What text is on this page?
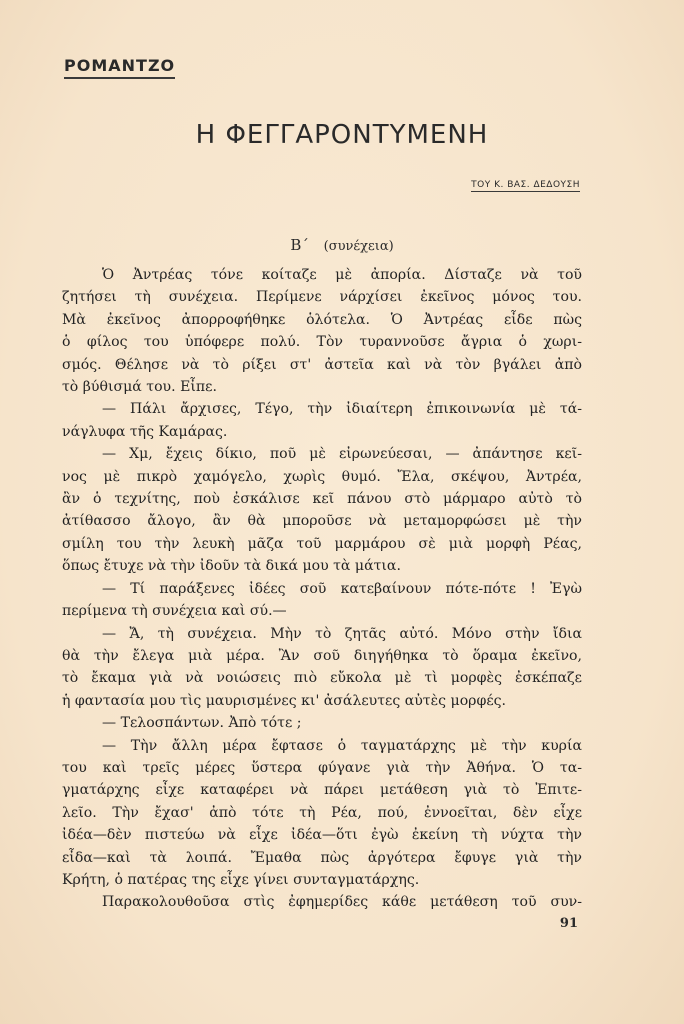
ΡΟΜΑΝΤΖΟ
Η ΦΕΓΓΑΡΟΝΤΥΜΕΝΗ
ΤΟΥ Κ. ΒΑΣ. ΔΕΔΟΥΣΗ
Β΄ (συνέχεια)
Ὁ Ἀντρέας τόνε κοίταζε μὲ ἀπορία. Δίσταζε νὰ τοῦ
ζητήσει τὴ συνέχεια. Περίμενε νάρχίσει ἐκεῖνος μόνος του.
Μὰ ἐκεῖνος ἀπορροφήθηκε ὁλότελα. Ὁ Ἀντρέας εἶδε πὼς
ὁ φίλος του ὑπόφερε πολύ. Τὸν τυραννοῦσε ἄγρια ὁ χωρι-
σμός. Θέλησε νὰ τὸ ρίξει στ' ἀστεῖα καὶ νὰ τὸν βγάλει ἀπὸ
τὸ βύθισμά του. Εἶπε.
— Πάλι ἄρχισες, Τέγο, τὴν ἰδιαίτερη ἐπικοινωνία μὲ τά-
νάγλυφα τῆς Καμάρας.
— Χμ, ἔχεις δίκιο, ποῦ μὲ εἰρωνεύεσαι, — ἀπάντησε κεῖ-
νος μὲ πικρὸ χαμόγελο, χωρὶς θυμό. Ἔλα, σκέψου, Ἀντρέα,
ἂν ὁ τεχνίτης, ποὺ ἐσκάλισε κεῖ πάνου στὸ μάρμαρο αὐτὸ τὸ
ἀτίθασσο ἄλογο, ἂν θὰ μποροῦσε νὰ μεταμορφώσει μὲ τὴν
σμίλη του τὴν λευκὴ μᾶζα τοῦ μαρμάρου σὲ μιὰ μορφὴ Ρέας,
ὅπως ἔτυχε νὰ τὴν ἰδοῦν τὰ δικά μου τὰ μάτια.
— Τί παράξενες ἰδέες σοῦ κατεβαίνουν πότε-πότε ! Ἐγὼ
περίμενα τὴ συνέχεια καὶ σύ.—
— Ἄ, τὴ συνέχεια. Μὴν τὸ ζητᾶς αὐτό. Μόνο στὴν ἴδια
θὰ τὴν ἔλεγα μιὰ μέρα. Ἂν σοῦ διηγήθηκα τὸ ὅραμα ἐκεῖνο,
τὸ ἔκαμα γιὰ νὰ νοιώσεις πιὸ εὔκολα μὲ τὶ μορφὲς ἐσκέπαζε
ἡ φαντασία μου τὶς μαυρισμένες κι' ἀσάλευτες αὐτὲς μορφές.
— Τελοσπάντων. Ἀπὸ τότε ;
— Τὴν ἄλλη μέρα ἔφτασε ὁ ταγματάρχης μὲ τὴν κυρία
του καὶ τρεῖς μέρες ὕστερα φύγανε γιὰ τὴν Ἀθήνα. Ὁ τα-
γματάρχης εἶχε καταφέρει νὰ πάρει μετάθεση γιὰ τὸ Ἐπιτε-
λεῖο. Τὴν ἔχασ' ἀπὸ τότε τὴ Ρέα, πού, ἐννοεῖται, δὲν εἶχε
ἰδέα—δὲν πιστεύω νὰ εἶχε ἰδέα—ὅτι ἐγὼ ἐκείνη τὴ νύχτα τὴν
εἶδα—καὶ τὰ λοιπά. Ἔμαθα πὼς ἀργότερα ἔφυγε γιὰ τὴν
Κρήτη, ὁ πατέρας της εἶχε γίνει συνταγματάρχης.
Παρακολουθοῦσα στὶς ἐφημερίδες κάθε μετάθεση τοῦ συν-
91
